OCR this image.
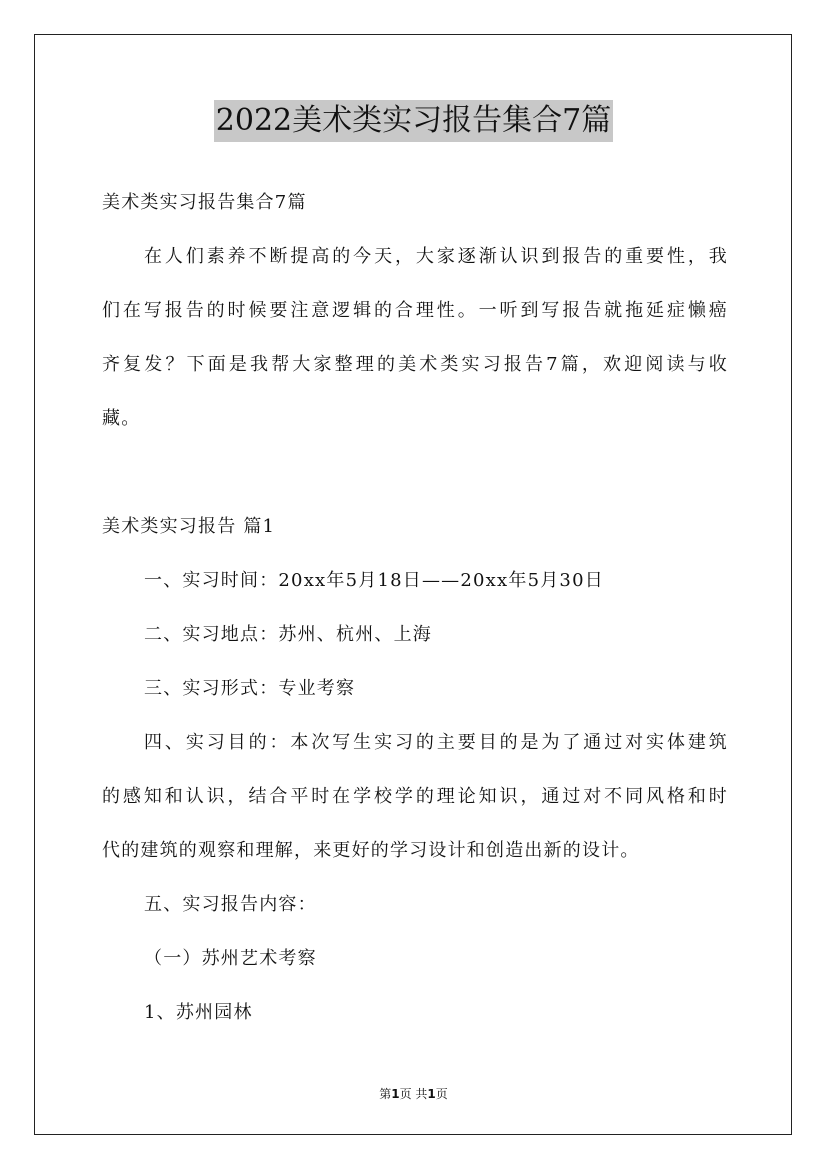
2022美术类实习报告集合7篇

美术类实习报告集合7篇

在人们素养不断提高的今天，大家逐渐认识到报告的重要性，我

们在写报告的时候要注意逻辑的合理性。一听到写报告就拖延症懒癌

齐复发？下面是我帮大家整理的美术类实习报告7篇，欢迎阅读与收

藏。

美术类实习报告 篇1

一、实习时间：20xx年5月18日——20xx年5月30日

二、实习地点：苏州、杭州、上海

三、实习形式：专业考察

四、实习目的：本次写生实习的主要目的是为了通过对实体建筑

的感知和认识，结合平时在学校学的理论知识，通过对不同风格和时

代的建筑的观察和理解，来更好的学习设计和创造出新的设计。

五、实习报告内容：

（一）苏州艺术考察

1、苏州园林

第1页 共1页
